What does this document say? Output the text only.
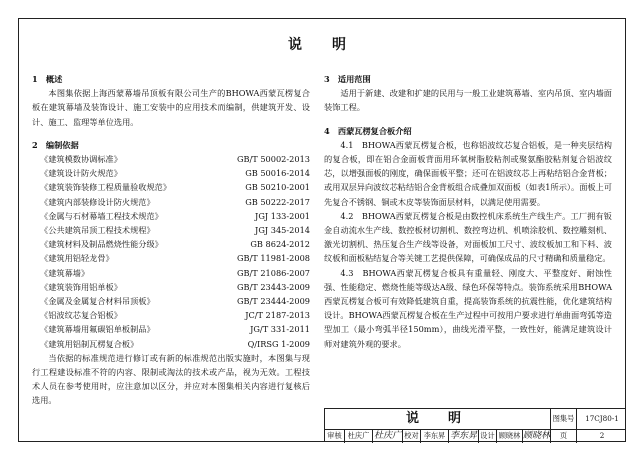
说　明
1　概述
本图集依据上海西蒙幕墙吊顶板有限公司生产的BHOWA西蒙瓦楞复合板在建筑幕墙及装饰设计、施工安装中的应用技术而编制，供建筑开发、设计、施工、监理等单位选用。
2　编制依据
《建筑模数协调标准》	GB/T 50002-2013
《建筑设计防火规范》	GB 50016-2014
《建筑装饰装修工程质量验收规范》	GB 50210-2001
《建筑内部装修设计防火规范》	GB 50222-2017
《金属与石材幕墙工程技术规范》	JGJ 133-2001
《公共建筑吊顶工程技术规程》	JGJ 345-2014
《建筑材料及制品燃烧性能分级》	GB 8624-2012
《建筑用铝轻龙骨》	GB/T 11981-2008
《建筑幕墙》	GB/T 21086-2007
《建筑装饰用铝单板》	GB/T 23443-2009
《金属及金属复合材料吊顶板》	GB/T 23444-2009
《铝波纹芯复合铝板》	JC/T 2187-2013
《建筑幕墙用氟碳铝单板制品》	JG/T 331-2011
《建筑用铝制瓦楞复合板》	Q/IRSG 1-2009
当依据的标准规范进行修订或有新的标准规范出版实施时，本图集与现行工程建设标准不符的内容、限制或淘汰的技术或产品，视为无效。工程技术人员在参考使用时，应注意加以区分，并应对本图集相关内容进行复核后选用。
3　适用范围
适用于新建、改建和扩建的民用与一般工业建筑幕墙、室内吊顶、室内墙面装饰工程。
4　西蒙瓦楞复合板介绍
4.1　BHOWA西蒙瓦楞复合板，也称铝波纹芯复合铝板，是一种夹层结构的复合板，即在铝合金面板背面用环氧树脂胶粘剂或聚氨酯胶粘剂复合铝波纹芯，以增强面板的刚度，确保面板平整；还可在铝波纹芯上再粘结铝合金背板；或用双层异向波纹芯粘结铝合金背板组合成叠加双面板（如表1所示）。面板上可先复合不锈钢、铜或木皮等装饰面层材料，以满足使用需要。
4.2　BHOWA西蒙瓦楞复合板是由数控机床系统生产线生产。工厂拥有钣金自动流水生产线、数控板材切割机、数控弯边机、机喷涂胶机、数控雕刻机、激光切割机、热压复合生产线等设备，对面板加工尺寸、波纹板加工和下料、波纹板和面板粘结复合等关键工艺提供保障，可确保成品的尺寸精确和质量稳定。
4.3　BHOWA西蒙瓦楞复合板具有重量轻、刚度大、平整度好、耐蚀性强、性能稳定、燃烧性能等级达A级、绿色环保等特点。装饰系统采用BHOWA西蒙瓦楞复合板可有效降低建筑自重，提高装饰系统的抗震性能，优化建筑结构设计。BHOWA西蒙瓦楞复合板在生产过程中可按用户要求进行单曲面弯弧等造型加工（最小弯弧半径150mm），曲线光滑平整，一致性好，能满足建筑设计师对建筑外观的要求。
说　明	图集号	17CJ80-1
审核 杜庆广 杜庆广 校对 李东昇 李东昇 设计 顾晓林 顾晓林	页	2
